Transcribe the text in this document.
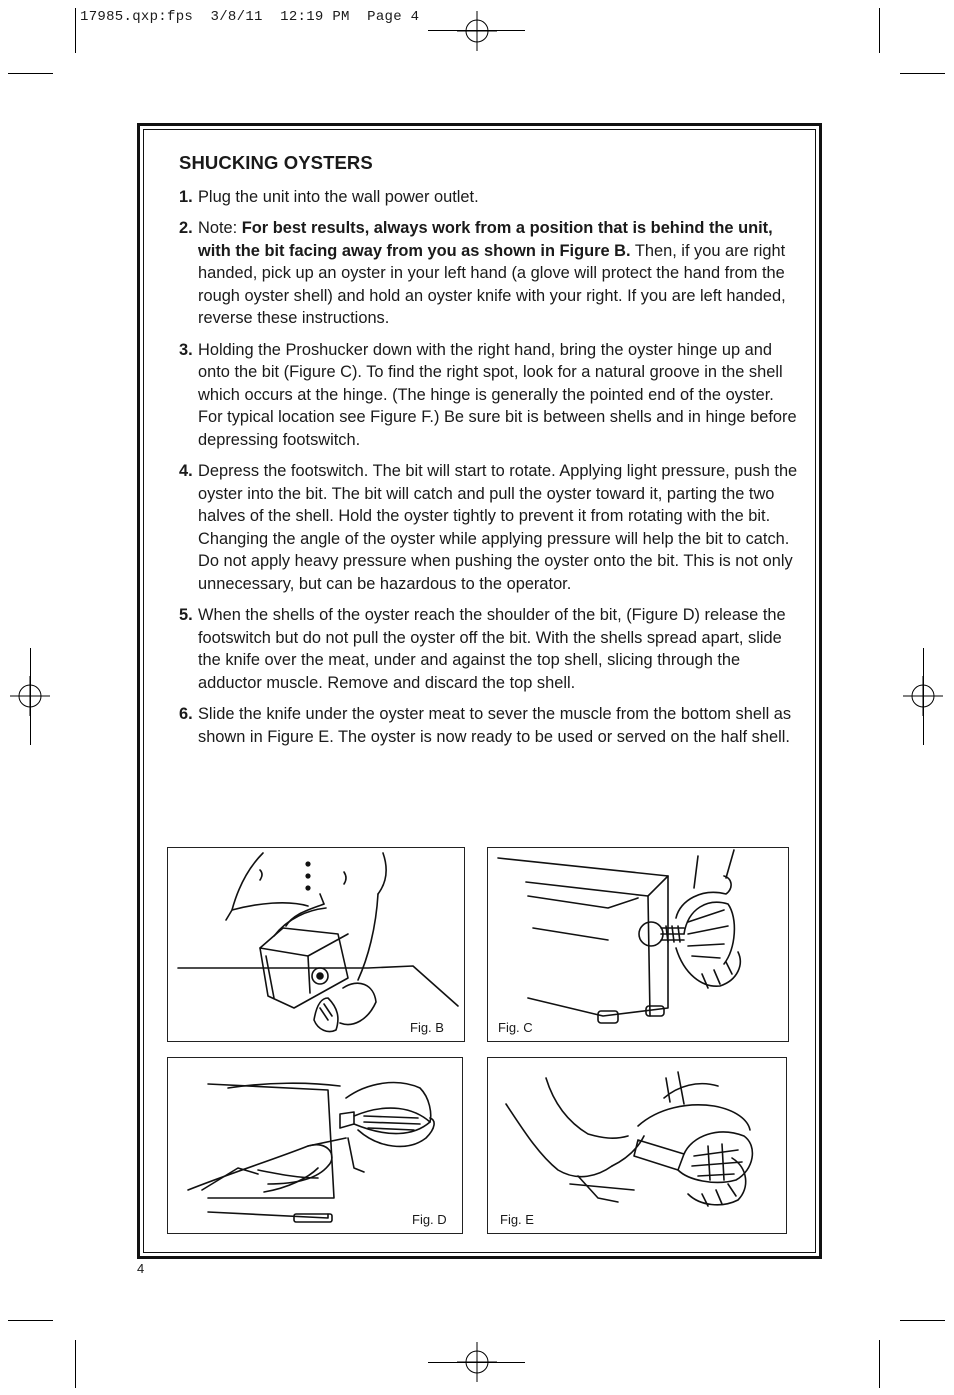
17985.qxp:fps  3/8/11  12:19 PM  Page 4
SHUCKING OYSTERS
1. Plug the unit into the wall power outlet.
2. Note: For best results, always work from a position that is behind the unit, with the bit facing away from you as shown in Figure B. Then, if you are right handed, pick up an oyster in your left hand (a glove will protect the hand from the rough oyster shell) and hold an oyster knife with your right. If you are left handed, reverse these instructions.
3. Holding the Proshucker down with the right hand, bring the oyster hinge up and onto the bit (Figure C). To find the right spot, look for a natural groove in the shell which occurs at the hinge. (The hinge is generally the pointed end of the oyster. For typical location see Figure F.) Be sure bit is between shells and in hinge before depressing footswitch.
4. Depress the footswitch. The bit will start to rotate. Applying light pressure, push the oyster into the bit. The bit will catch and pull the oyster toward it, parting the two halves of the shell. Hold the oyster tightly to prevent it from rotating with the bit. Changing the angle of the oyster while applying pressure will help the bit to catch. Do not apply heavy pressure when pushing the oyster onto the bit. This is not only unnecessary, but can be hazardous to the operator.
5. When the shells of the oyster reach the shoulder of the bit, (Figure D) release the footswitch but do not pull the oyster off the bit. With the shells spread apart, slide the knife over the meat, under and against the top shell, slicing through the adductor muscle. Remove and discard the top shell.
6. Slide the knife under the oyster meat to sever the muscle from the bottom shell as shown in Figure E. The oyster is now ready to be used or served on the half shell.
Fig. B	Fig. C
Fig. D	Fig. E
4
